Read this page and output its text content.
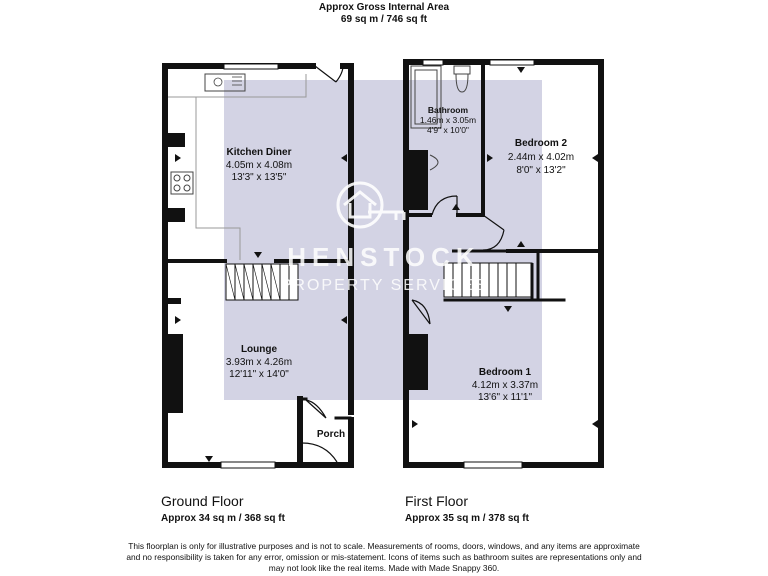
Approx Gross Internal Area
69 sq m / 746 sq ft
HENSTOCK
PROPERTY SERVICES
Kitchen Diner
4.05m x 4.08m
13'3" x 13'5"
Lounge
3.93m x 4.26m
12'11" x 14'0"
Porch
Bathroom
1.46m x 3.05m
4'9" x 10'0"
Bedroom 2
2.44m x 4.02m
8'0" x 13'2"
Bedroom 1
4.12m x 3.37m
13'6" x 11'1"
Ground Floor
Approx 34 sq m / 368 sq ft
First Floor
Approx 35 sq m / 378 sq ft
This floorplan is only for illustrative purposes and is not to scale. Measurements of rooms, doors, windows, and any items are approximate
and no responsibility is taken for any error, omission or mis-statement. Icons of items such as bathroom suites are representations only and
may not look like the real items. Made with Made Snappy 360.
